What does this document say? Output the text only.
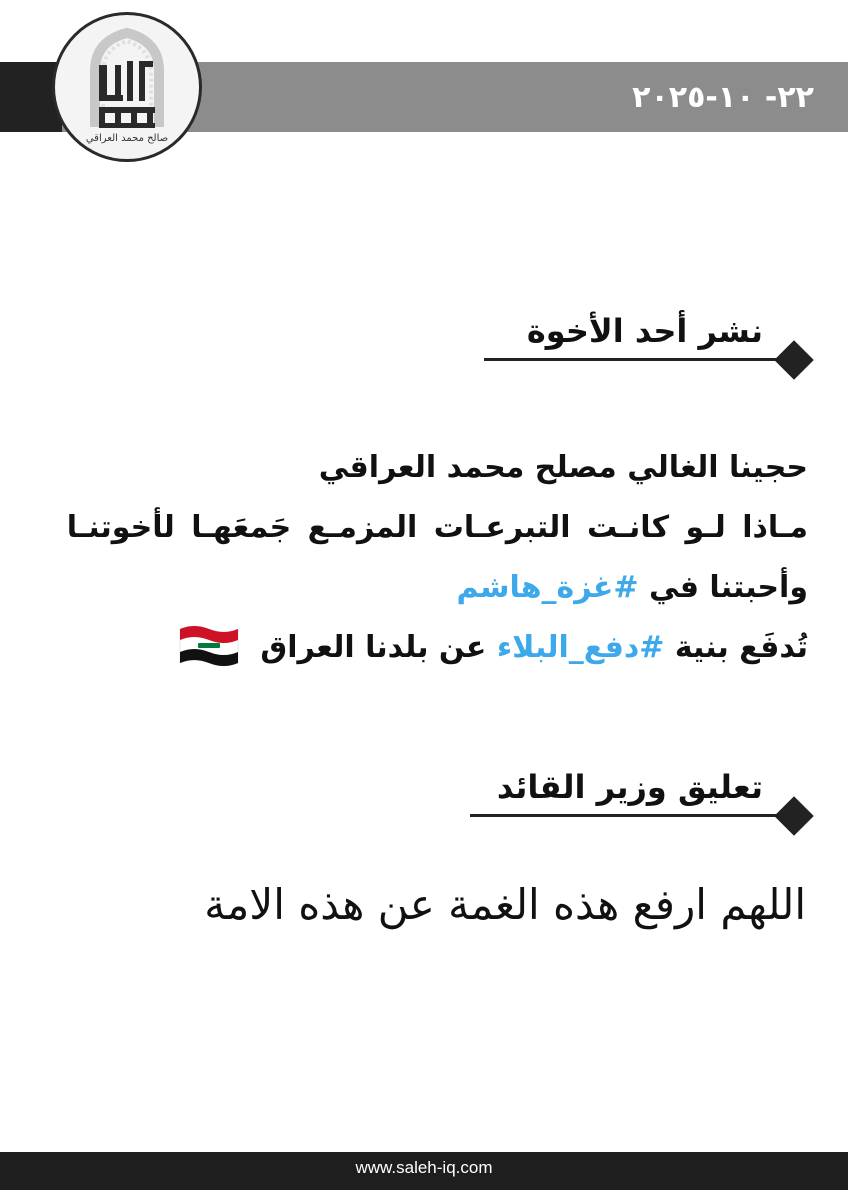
٢٢- ١٠-٢٠٢٥
صالح محمد العراقي
نشر أحد الأخوة
حجينا الغالي مصلح محمد العراقي
مـاذا لـو كانـت التبرعـات المزمـع جَمعَهـا لأخوتنـا
وأحبتنا في #غزة_هاشم
تُدفَع بنية #دفع_البلاء عن بلدنا العراق
تعليق وزير القائد
اللهم ارفع هذه الغمة عن هذه الامة
www.saleh-iq.com
